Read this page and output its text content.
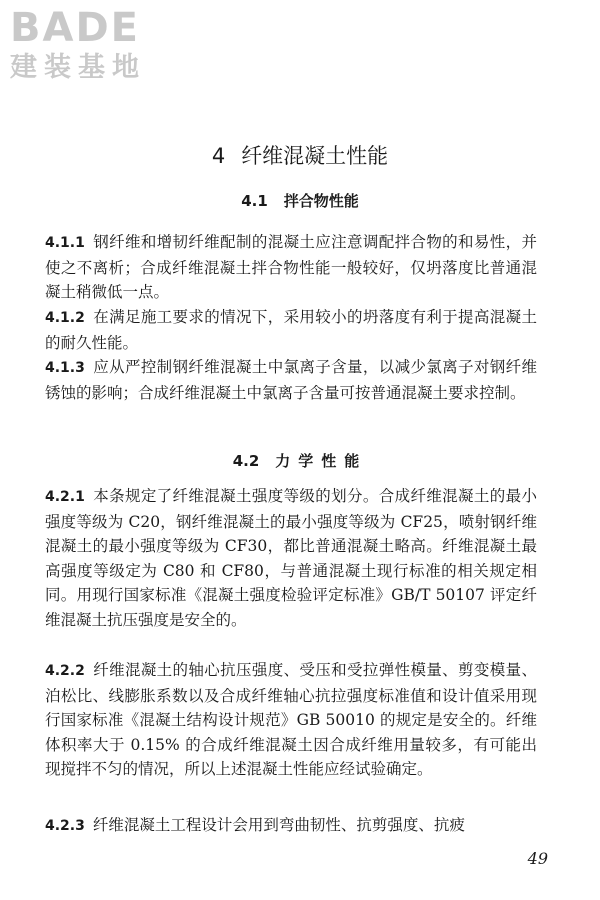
BADE
建装基地
4 纤维混凝土性能
4.1 拌合物性能
4.1.1 钢纤维和增韧纤维配制的混凝土应注意调配拌合物的和易性，并使之不离析；合成纤维混凝土拌合物性能一般较好，仅坍落度比普通混凝土稍微低一点。
4.1.2 在满足施工要求的情况下，采用较小的坍落度有利于提高混凝土的耐久性能。
4.1.3 应从严控制钢纤维混凝土中氯离子含量，以减少氯离子对钢纤维锈蚀的影响；合成纤维混凝土中氯离子含量可按普通混凝土要求控制。
4.2 力学性能
4.2.1 本条规定了纤维混凝土强度等级的划分。合成纤维混凝土的最小强度等级为 C20，钢纤维混凝土的最小强度等级为 CF25，喷射钢纤维混凝土的最小强度等级为 CF30，都比普通混凝土略高。纤维混凝土最高强度等级定为 C80 和 CF80，与普通混凝土现行标准的相关规定相同。用现行国家标准《混凝土强度检验评定标准》GB/T 50107 评定纤维混凝土抗压强度是安全的。
4.2.2 纤维混凝土的轴心抗压强度、受压和受拉弹性模量、剪变模量、泊松比、线膨胀系数以及合成纤维轴心抗拉强度标准值和设计值采用现行国家标准《混凝土结构设计规范》GB 50010 的规定是安全的。纤维体积率大于 0.15% 的合成纤维混凝土因合成纤维用量较多，有可能出现搅拌不匀的情况，所以上述混凝土性能应经试验确定。
4.2.3 纤维混凝土工程设计会用到弯曲韧性、抗剪强度、抗疲
49
